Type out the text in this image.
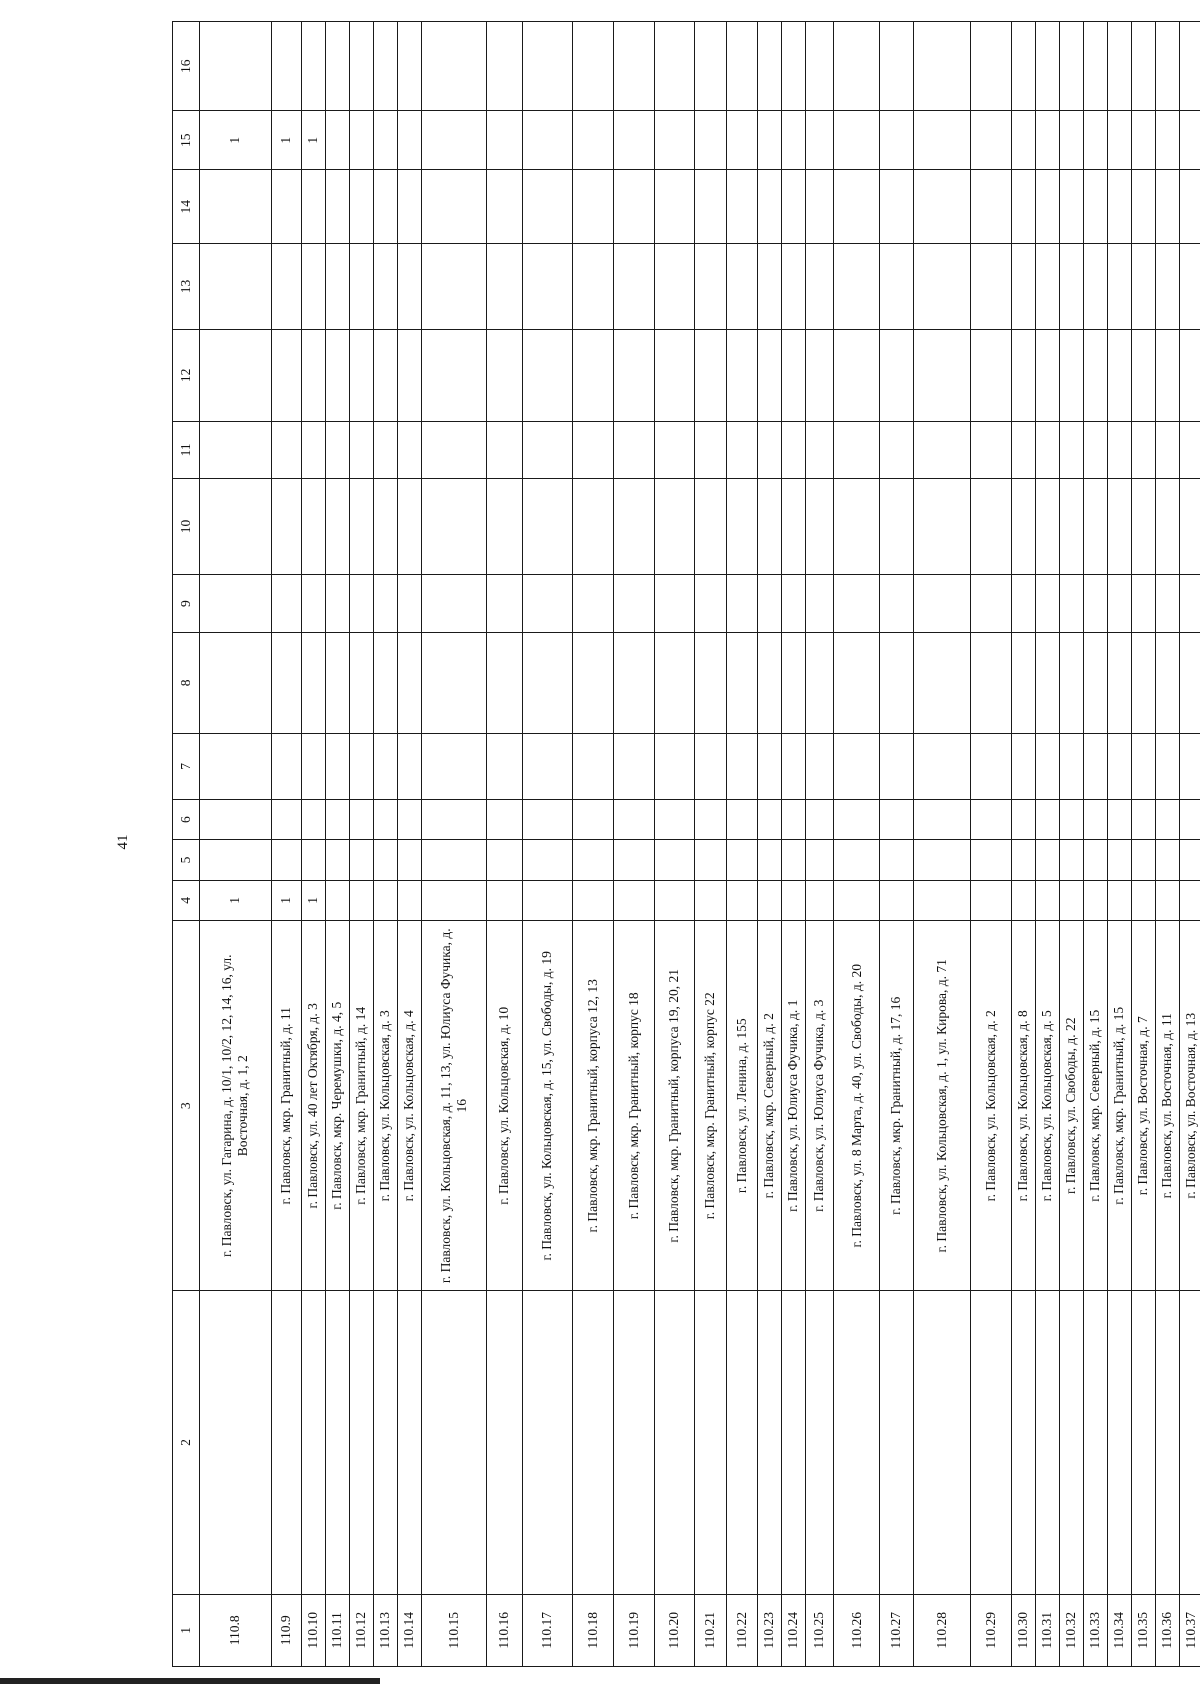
41
1	2	3	4	5	6	7	8	9	10	11	12	13	14	15	16
110.8		г. Павловск, ул. Гагарина, д. 10/1, 10/2, 12, 14, 16, ул. Восточная, д. 1, 2	1											1	
110.9		г. Павловск, мкр. Гранитный, д. 11	1											1	
110.10		г. Павловск, ул. 40 лет Октября, д. 3	1											1	
110.11		г. Павловск, мкр. Черемушки, д. 4, 5													
110.12		г. Павловск, мкр. Гранитный, д. 14													
110.13		г. Павловск, ул. Кольцовская, д. 3													
110.14		г. Павловск, ул. Кольцовская, д. 4													
110.15		г. Павловск, ул. Кольцовская, д. 11, 13, ул. Юлиуса Фучика, д. 16													
110.16		г. Павловск, ул. Кольцовская, д. 10													
110.17		г. Павловск, ул. Кольцовская, д. 15, ул. Свободы, д. 19													
110.18		г. Павловск, мкр. Гранитный, корпуса 12, 13													
110.19		г. Павловск, мкр. Гранитный, корпус 18													
110.20		г. Павловск, мкр. Гранитный, корпуса 19, 20, 21													
110.21		г. Павловск, мкр. Гранитный, корпус 22													
110.22		г. Павловск, ул. Ленина, д. 155													
110.23		г. Павловск, мкр. Северный, д. 2													
110.24		г. Павловск, ул. Юлиуса Фучика, д. 1													
110.25		г. Павловск, ул. Юлиуса Фучика, д. 3													
110.26		г. Павловск, ул. 8 Марта, д. 40, ул. Свободы, д. 20													
110.27		г. Павловск, мкр. Гранитный, д. 17, 16													
110.28		г. Павловск, ул. Кольцовская, д. 1, ул. Кирова, д. 71													
110.29		г. Павловск, ул. Кольцовская, д. 2													
110.30		г. Павловск, ул. Кольцовская, д. 8													
110.31		г. Павловск, ул. Кольцовская, д. 5													
110.32		г. Павловск, ул. Свободы, д. 22													
110.33		г. Павловск, мкр. Северный, д. 15													
110.34		г. Павловск, мкр. Гранитный, д. 15													
110.35		г. Павловск, ул. Восточная, д. 7													
110.36		г. Павловск, ул. Восточная, д. 11													
110.37		г. Павловск, ул. Восточная, д. 13													
